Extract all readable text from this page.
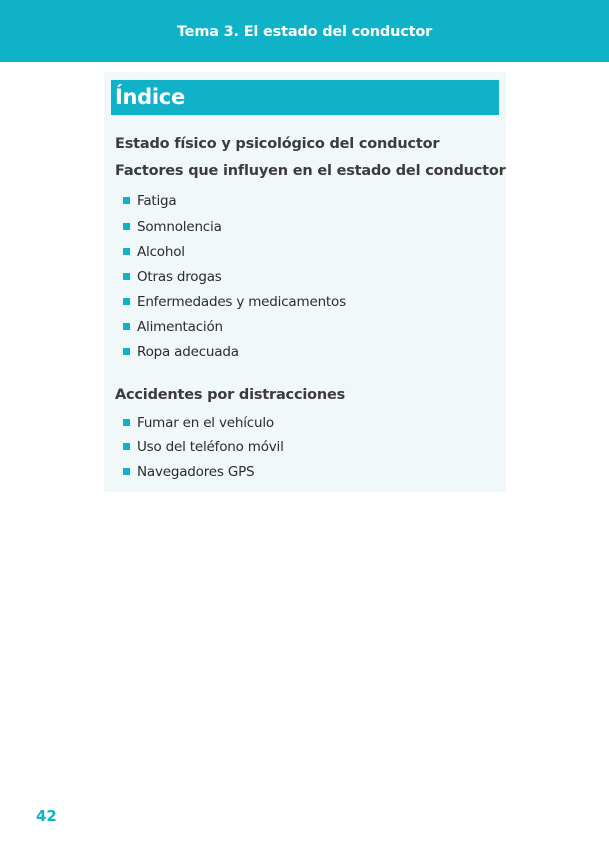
Tema 3. El estado del conductor
Índice
Estado físico y psicológico del conductor
Factores que influyen en el estado del conductor
Fatiga
Somnolencia
Alcohol
Otras drogas
Enfermedades y medicamentos
Alimentación
Ropa adecuada
Accidentes por distracciones
Fumar en el vehículo
Uso del teléfono móvil
Navegadores GPS
42
